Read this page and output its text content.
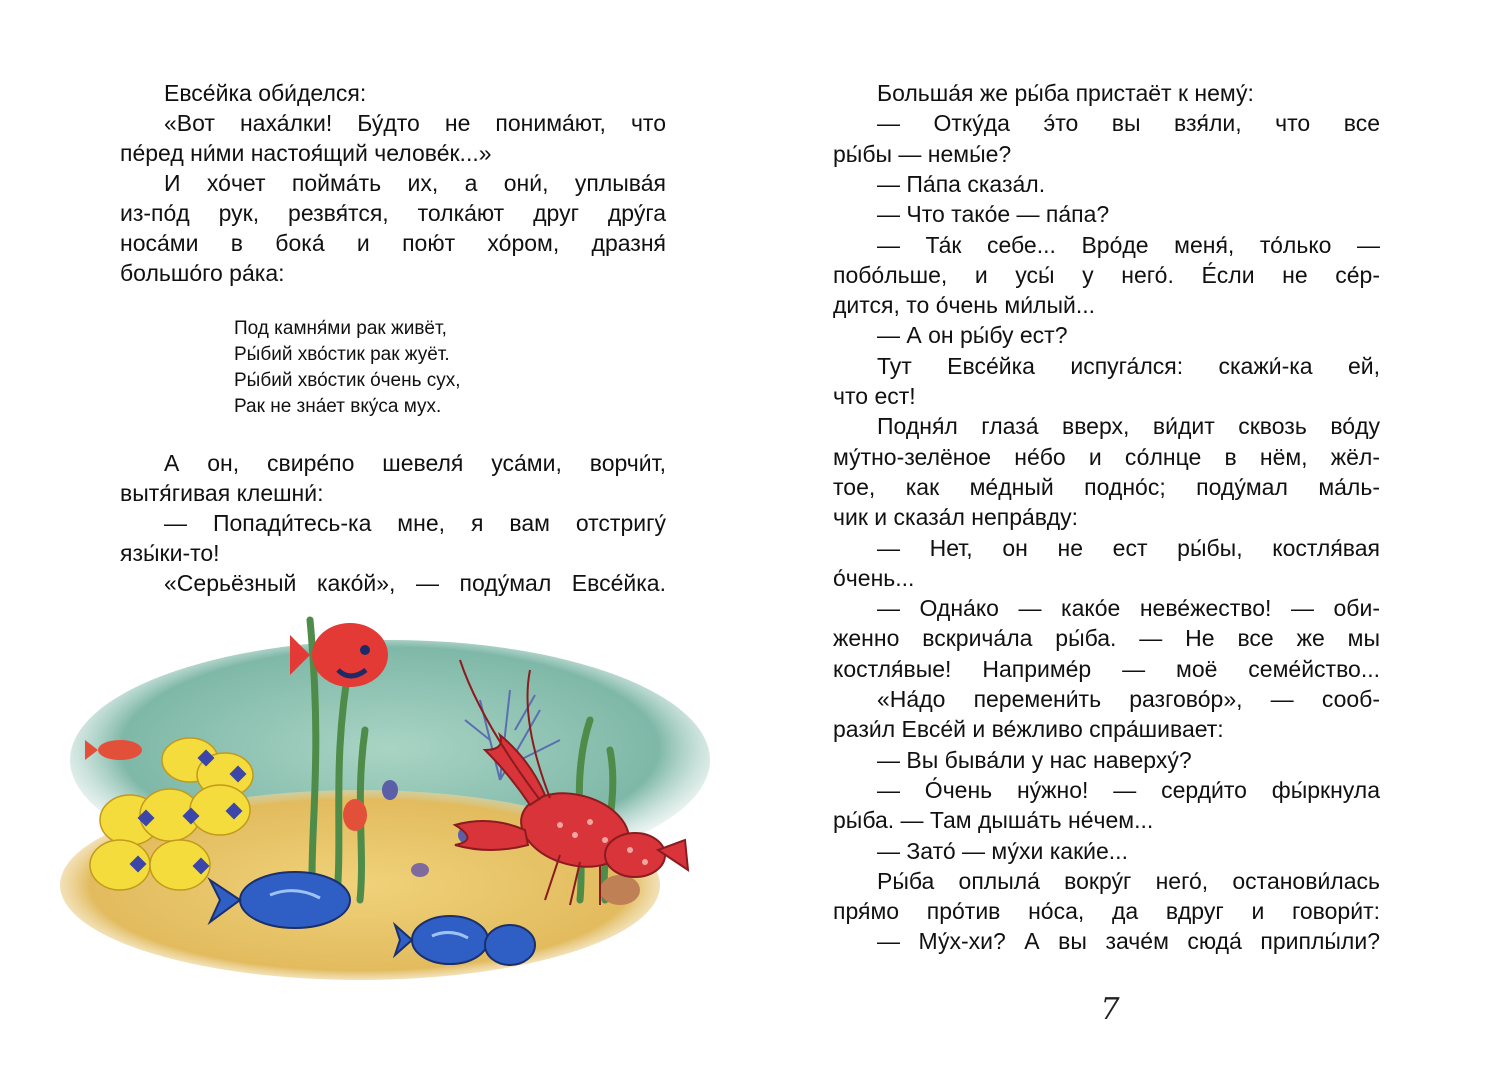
Евсе́йка оби́делся:

«Вот наха́лки! Бу́дто не понима́ют, что

пе́ред ни́ми настоя́щий челове́к...»

И хо́чет пойма́ть их, а они́, уплыва́я

из-по́д рук, резвя́тся, толка́ют друг дру́га

носа́ми в бока́ и пою́т хо́ром, дразня́

большо́го ра́ка:

Под камня́ми рак живёт,

Ры́бий хво́стик рак жуёт.

Ры́бий хво́стик о́чень сух,

Рак не зна́ет вку́са мух.

А он, свире́по шевеля́ уса́ми, ворчи́т,

вытя́гивая клешни́:

— Попади́тесь-ка мне, я вам отстригу́

язы́ки-то!

«Серьёзный како́й», — поду́мал Евсе́йка.

Больша́я же ры́ба пристаёт к нему́:

— Отку́да э́то вы взя́ли, что все

ры́бы — немы́е?

— Па́па сказа́л.

— Что тако́е — па́па?

— Та́к себе... Вро́де меня́, то́лько —

побо́льше, и усы́ у него́. Е́сли не се́р-

дится, то о́чень ми́лый...

— А он ры́бу ест?

Тут Евсе́йка испуга́лся: скажи́-ка ей,

что ест!

Подня́л глаза́ вверх, ви́дит сквозь во́ду

му́тно-зелёное не́бо и со́лнце в нём, жёл-

тое, как ме́дный подно́с; поду́мал ма́ль-

чик и сказа́л непра́вду:

— Нет, он не ест ры́бы, костля́вая

о́чень...

— Одна́ко — како́е неве́жество! — оби-

женно вскрича́ла ры́ба. — Не все же мы

костля́вые! Наприме́р — моё семе́йство...

«На́до перемени́ть разгово́р», — сооб-

рази́л Евсе́й и ве́жливо спра́шивает:

— Вы быва́ли у нас наверху́?

— О́чень ну́жно! — серди́то фы́ркнула

ры́ба. — Там дыша́ть не́чем...

— Зато́ — му́хи каки́е...

Ры́ба оплыла́ вокру́г него́, останови́лась

пря́мо про́тив но́са, да вдруг и говори́т:

— Му́х-хи? А вы заче́м сюда́ приплы́ли?

7
